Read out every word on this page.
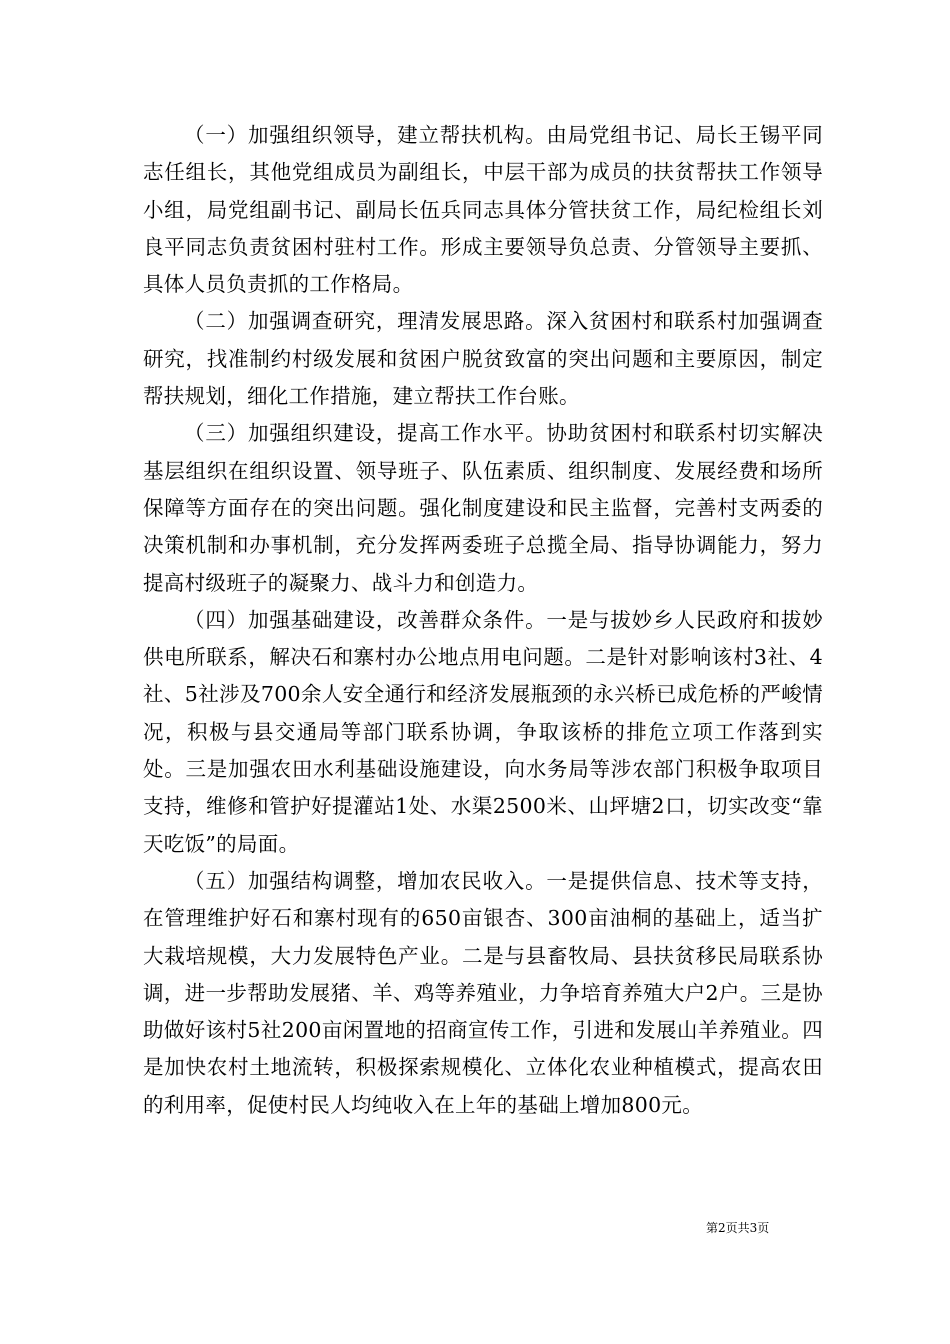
（一）加强组织领导，建立帮扶机构。由局党组书记、局长王锡平同志任组长，其他党组成员为副组长，中层干部为成员的扶贫帮扶工作领导小组，局党组副书记、副局长伍兵同志具体分管扶贫工作，局纪检组长刘良平同志负责贫困村驻村工作。形成主要领导负总责、分管领导主要抓、具体人员负责抓的工作格局。

（二）加强调查研究，理清发展思路。深入贫困村和联系村加强调查研究，找准制约村级发展和贫困户脱贫致富的突出问题和主要原因，制定帮扶规划，细化工作措施，建立帮扶工作台账。

（三）加强组织建设，提高工作水平。协助贫困村和联系村切实解决基层组织在组织设置、领导班子、队伍素质、组织制度、发展经费和场所保障等方面存在的突出问题。强化制度建设和民主监督，完善村支两委的决策机制和办事机制，充分发挥两委班子总揽全局、指导协调能力，努力提高村级班子的凝聚力、战斗力和创造力。

（四）加强基础建设，改善群众条件。一是与拔妙乡人民政府和拔妙供电所联系，解决石和寨村办公地点用电问题。二是针对影响该村3社、4社、5社涉及700余人安全通行和经济发展瓶颈的永兴桥已成危桥的严峻情况，积极与县交通局等部门联系协调，争取该桥的排危立项工作落到实处。三是加强农田水利基础设施建设，向水务局等涉农部门积极争取项目支持，维修和管护好提灌站1处、水渠2500米、山坪塘2口，切实改变“靠天吃饭”的局面。

（五）加强结构调整，增加农民收入。一是提供信息、技术等支持，在管理维护好石和寨村现有的650亩银杏、300亩油桐的基础上，适当扩大栽培规模，大力发展特色产业。二是与县畜牧局、县扶贫移民局联系协调，进一步帮助发展猪、羊、鸡等养殖业，力争培育养殖大户2户。三是协助做好该村5社200亩闲置地的招商宣传工作，引进和发展山羊养殖业。四是加快农村土地流转，积极探索规模化、立体化农业种植模式，提高农田的利用率，促使村民人均纯收入在上年的基础上增加800元。

第2页共3页
